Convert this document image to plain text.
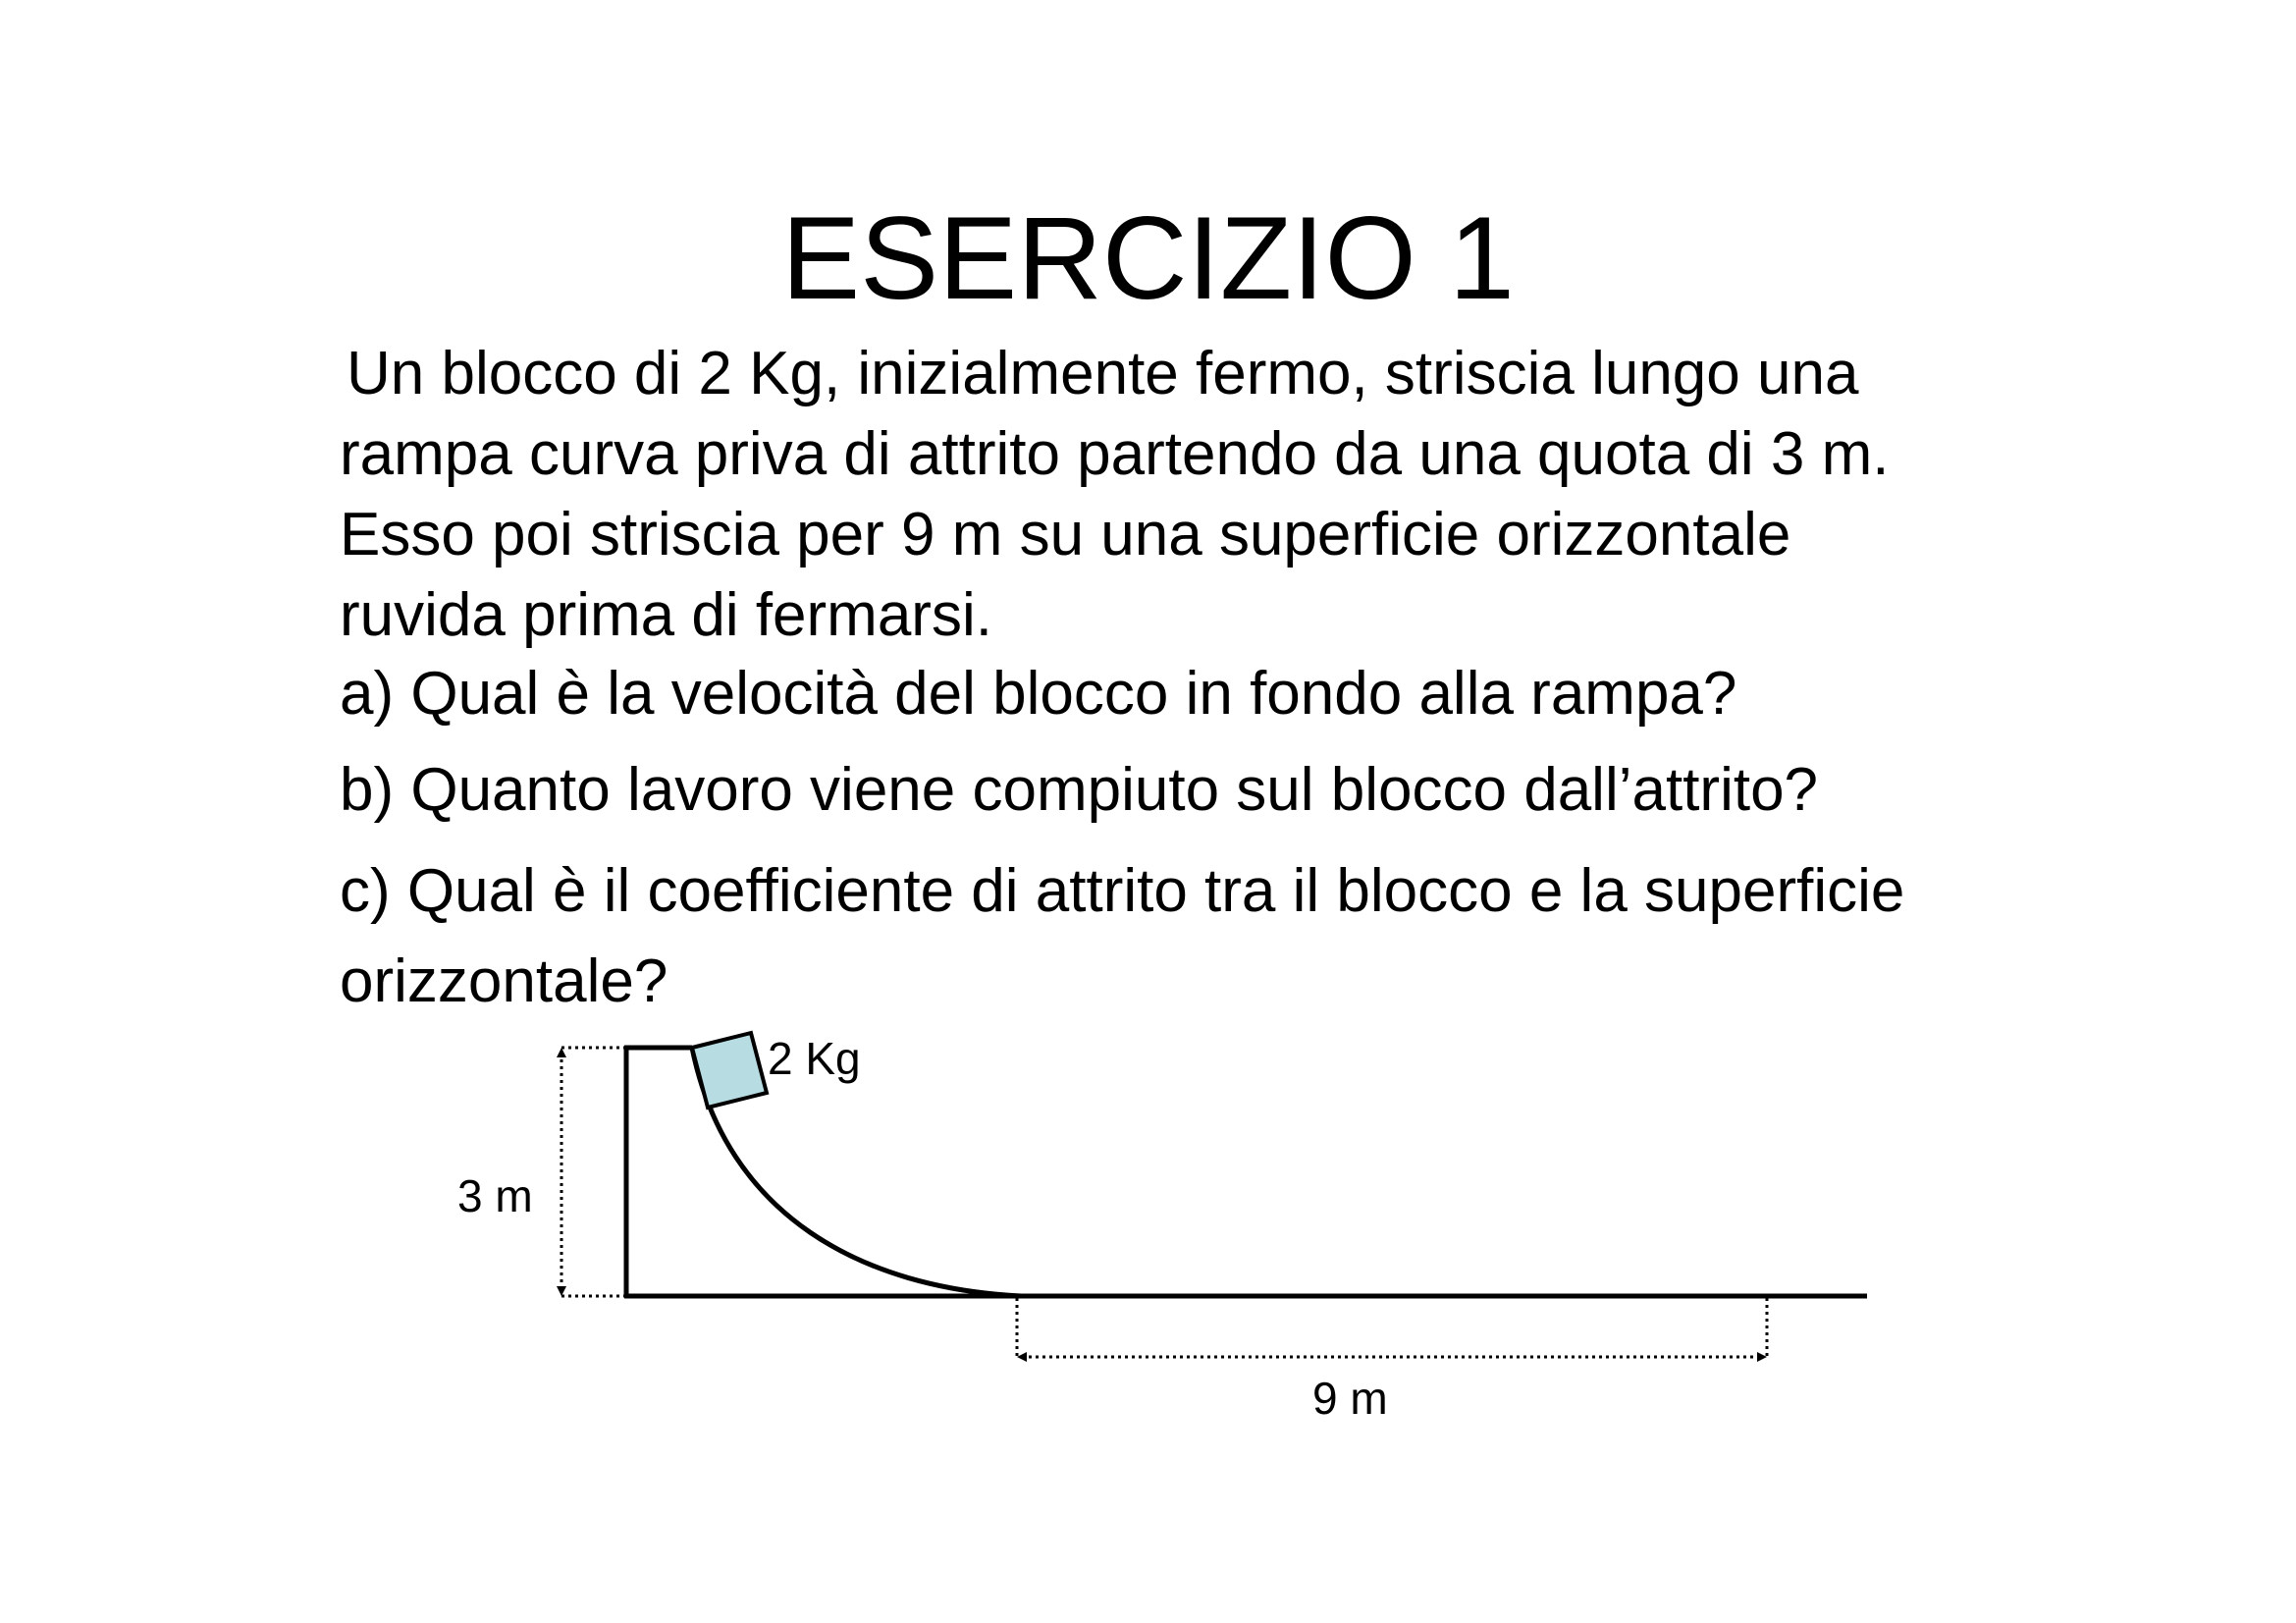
ESERCIZIO 1

Un blocco di 2 Kg, inizialmente fermo, striscia lungo una
rampa curva priva di attrito partendo da una quota di 3 m.
Esso poi striscia per 9 m su una superficie orizzontale
ruvida prima di fermarsi.

a) Qual è la velocità del blocco in fondo alla rampa?
b) Quanto lavoro viene compiuto sul blocco dall’attrito?
c) Qual è il coefficiente di attrito tra il blocco e la superficie
orizzontale?
2 Kg
3 m
9 m
